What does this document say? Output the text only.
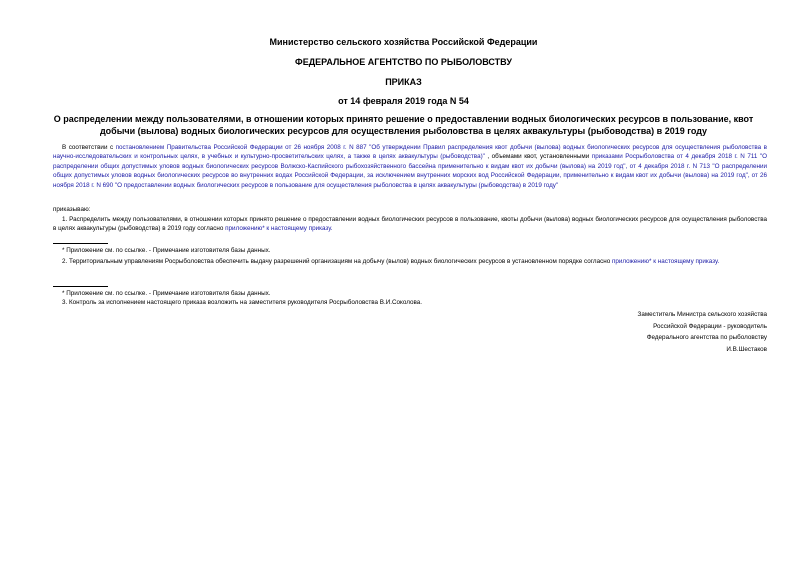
Министерство сельского хозяйства Российской Федерации

ФЕДЕРАЛЬНОЕ АГЕНТСТВО ПО РЫБОЛОВСТВУ

ПРИКАЗ

от 14 февраля 2019 года N 54

О распределении между пользователями, в отношении которых принято решение о предоставлении водных биологических ресурсов в пользование, квот добычи (вылова) водных биологических ресурсов для осуществления рыболовства в целях аквакультуры (рыбоводства) в 2019 году

В соответствии с постановлением Правительства Российской Федерации от 26 ноября 2008 г. N 887 "Об утверждении Правил распределения квот добычи (вылова) водных биологических ресурсов для осуществления рыболовства в научно-исследовательских и контрольных целях, в учебных и культурно-просветительских целях, а также в целях аквакультуры (рыбоводства)" , объемами квот, установленными приказами Росрыболовства от 4 декабря 2018 г. N 711 "О распределении общих допустимых уловов водных биологических ресурсов Волжско-Каспийского рыбохозяйственного бассейна применительно к видам квот их добычи (вылова) на 2019 год", от 4 декабря 2018 г. N 713 "О распределении общих допустимых уловов водных биологических ресурсов во внутренних водах Российской Федерации, за исключением внутренних морских вод Российской Федерации, применительно к видам квот их добычи (вылова) на 2019 год", от 26 ноября 2018 г. N 690 "О предоставлении водных биологических ресурсов в пользование для осуществления рыболовства в целях аквакультуры (рыбоводства) в 2019 году"

приказываю:

1. Распределить между пользователями, в отношении которых принято решение о предоставлении водных биологических ресурсов в пользование, квоты добычи (вылова) водных биологических ресурсов для осуществления рыболовства в целях аквакультуры (рыбоводства) в 2019 году согласно приложению* к настоящему приказу.

* Приложение см. по ссылке. - Примечание изготовителя базы данных.

2. Территориальным управлениям Росрыболовства обеспечить выдачу разрешений организациям на добычу (вылов) водных биологических ресурсов в установленном порядке согласно приложению* к настоящему приказу.

* Приложение см. по ссылке. - Примечание изготовителя базы данных.

3. Контроль за исполнением настоящего приказа возложить на заместителя руководителя Росрыболовства В.И.Соколова.

Заместитель Министра сельского хозяйства
Российской Федерации - руководитель
Федерального агентства по рыболовству
И.В.Шестаков
